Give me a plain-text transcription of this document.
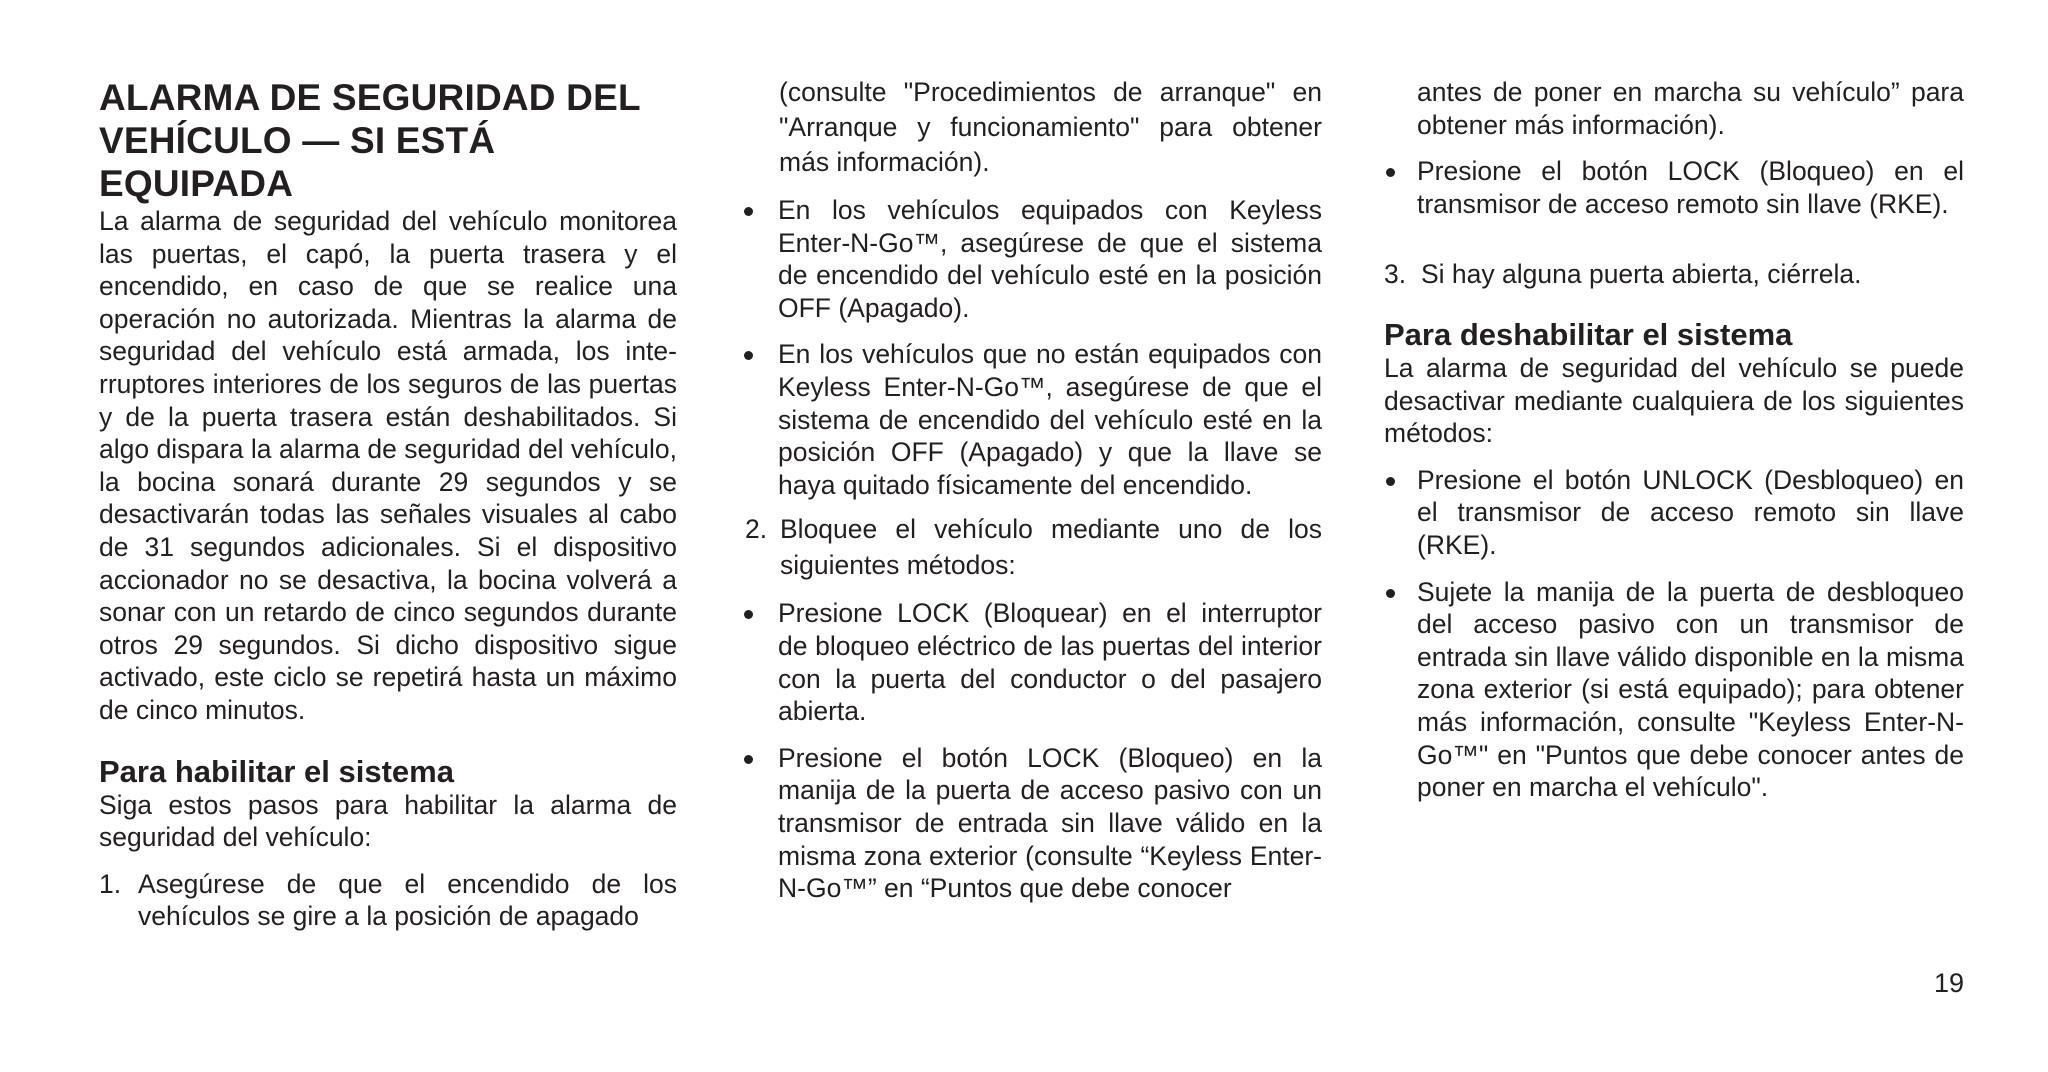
ALARMA DE SEGURIDAD DEL VEHÍCULO — SI ESTÁ EQUIPADA

La alarma de seguridad del vehículo monitorea las puertas, el capó, la puerta trasera y el encendido, en caso de que se realice una operación no autorizada. Mientras la alarma de seguridad del vehículo está armada, los interruptores interiores de los seguros de las puertas y de la puerta trasera están deshabilitados. Si algo dispara la alarma de seguridad del vehículo, la bocina sonará durante 29 segundos y se desactivarán todas las señales visuales al cabo de 31 segundos adicionales. Si el dispositivo accionador no se desactiva, la bocina volverá a sonar con un retardo de cinco segundos durante otros 29 segundos. Si dicho dispositivo sigue activado, este ciclo se repetirá hasta un máximo de cinco minutos.

Para habilitar el sistema

Siga estos pasos para habilitar la alarma de seguridad del vehículo:

1. Asegúrese de que el encendido de los vehículos se gire a la posición de apagado

(consulte "Procedimientos de arranque" en "Arranque y funcionamiento" para obtener más información).

En los vehículos equipados con Keyless Enter-N-Go™, asegúrese de que el sistema de encendido del vehículo esté en la posición OFF (Apagado).
En los vehículos que no están equipados con Keyless Enter-N-Go™, asegúrese de que el sistema de encendido del vehículo esté en la posición OFF (Apagado) y que la llave se haya quitado físicamente del encendido.
2. Bloquee el vehículo mediante uno de los siguientes métodos:
Presione LOCK (Bloquear) en el interruptor de bloqueo eléctrico de las puertas del interior con la puerta del conductor o del pasajero abierta.
Presione el botón LOCK (Bloqueo) en la manija de la puerta de acceso pasivo con un transmisor de entrada sin llave válido en la misma zona exterior (consulte “Keyless Enter-N-Go™” en “Puntos que debe conocer

antes de poner en marcha su vehículo” para obtener más información).

Presione el botón LOCK (Bloqueo) en el transmisor de acceso remoto sin llave (RKE).
3. Si hay alguna puerta abierta, ciérrela.
Para deshabilitar el sistema

La alarma de seguridad del vehículo se puede desactivar mediante cualquiera de los siguientes métodos:

Presione el botón UNLOCK (Desbloqueo) en el transmisor de acceso remoto sin llave (RKE).
Sujete la manija de la puerta de desbloqueo del acceso pasivo con un transmisor de entrada sin llave válido disponible en la misma zona exterior (si está equipado); para obtener más información, consulte "Keyless Enter-N-Go™" en "Puntos que debe conocer antes de poner en marcha el vehículo".
19
